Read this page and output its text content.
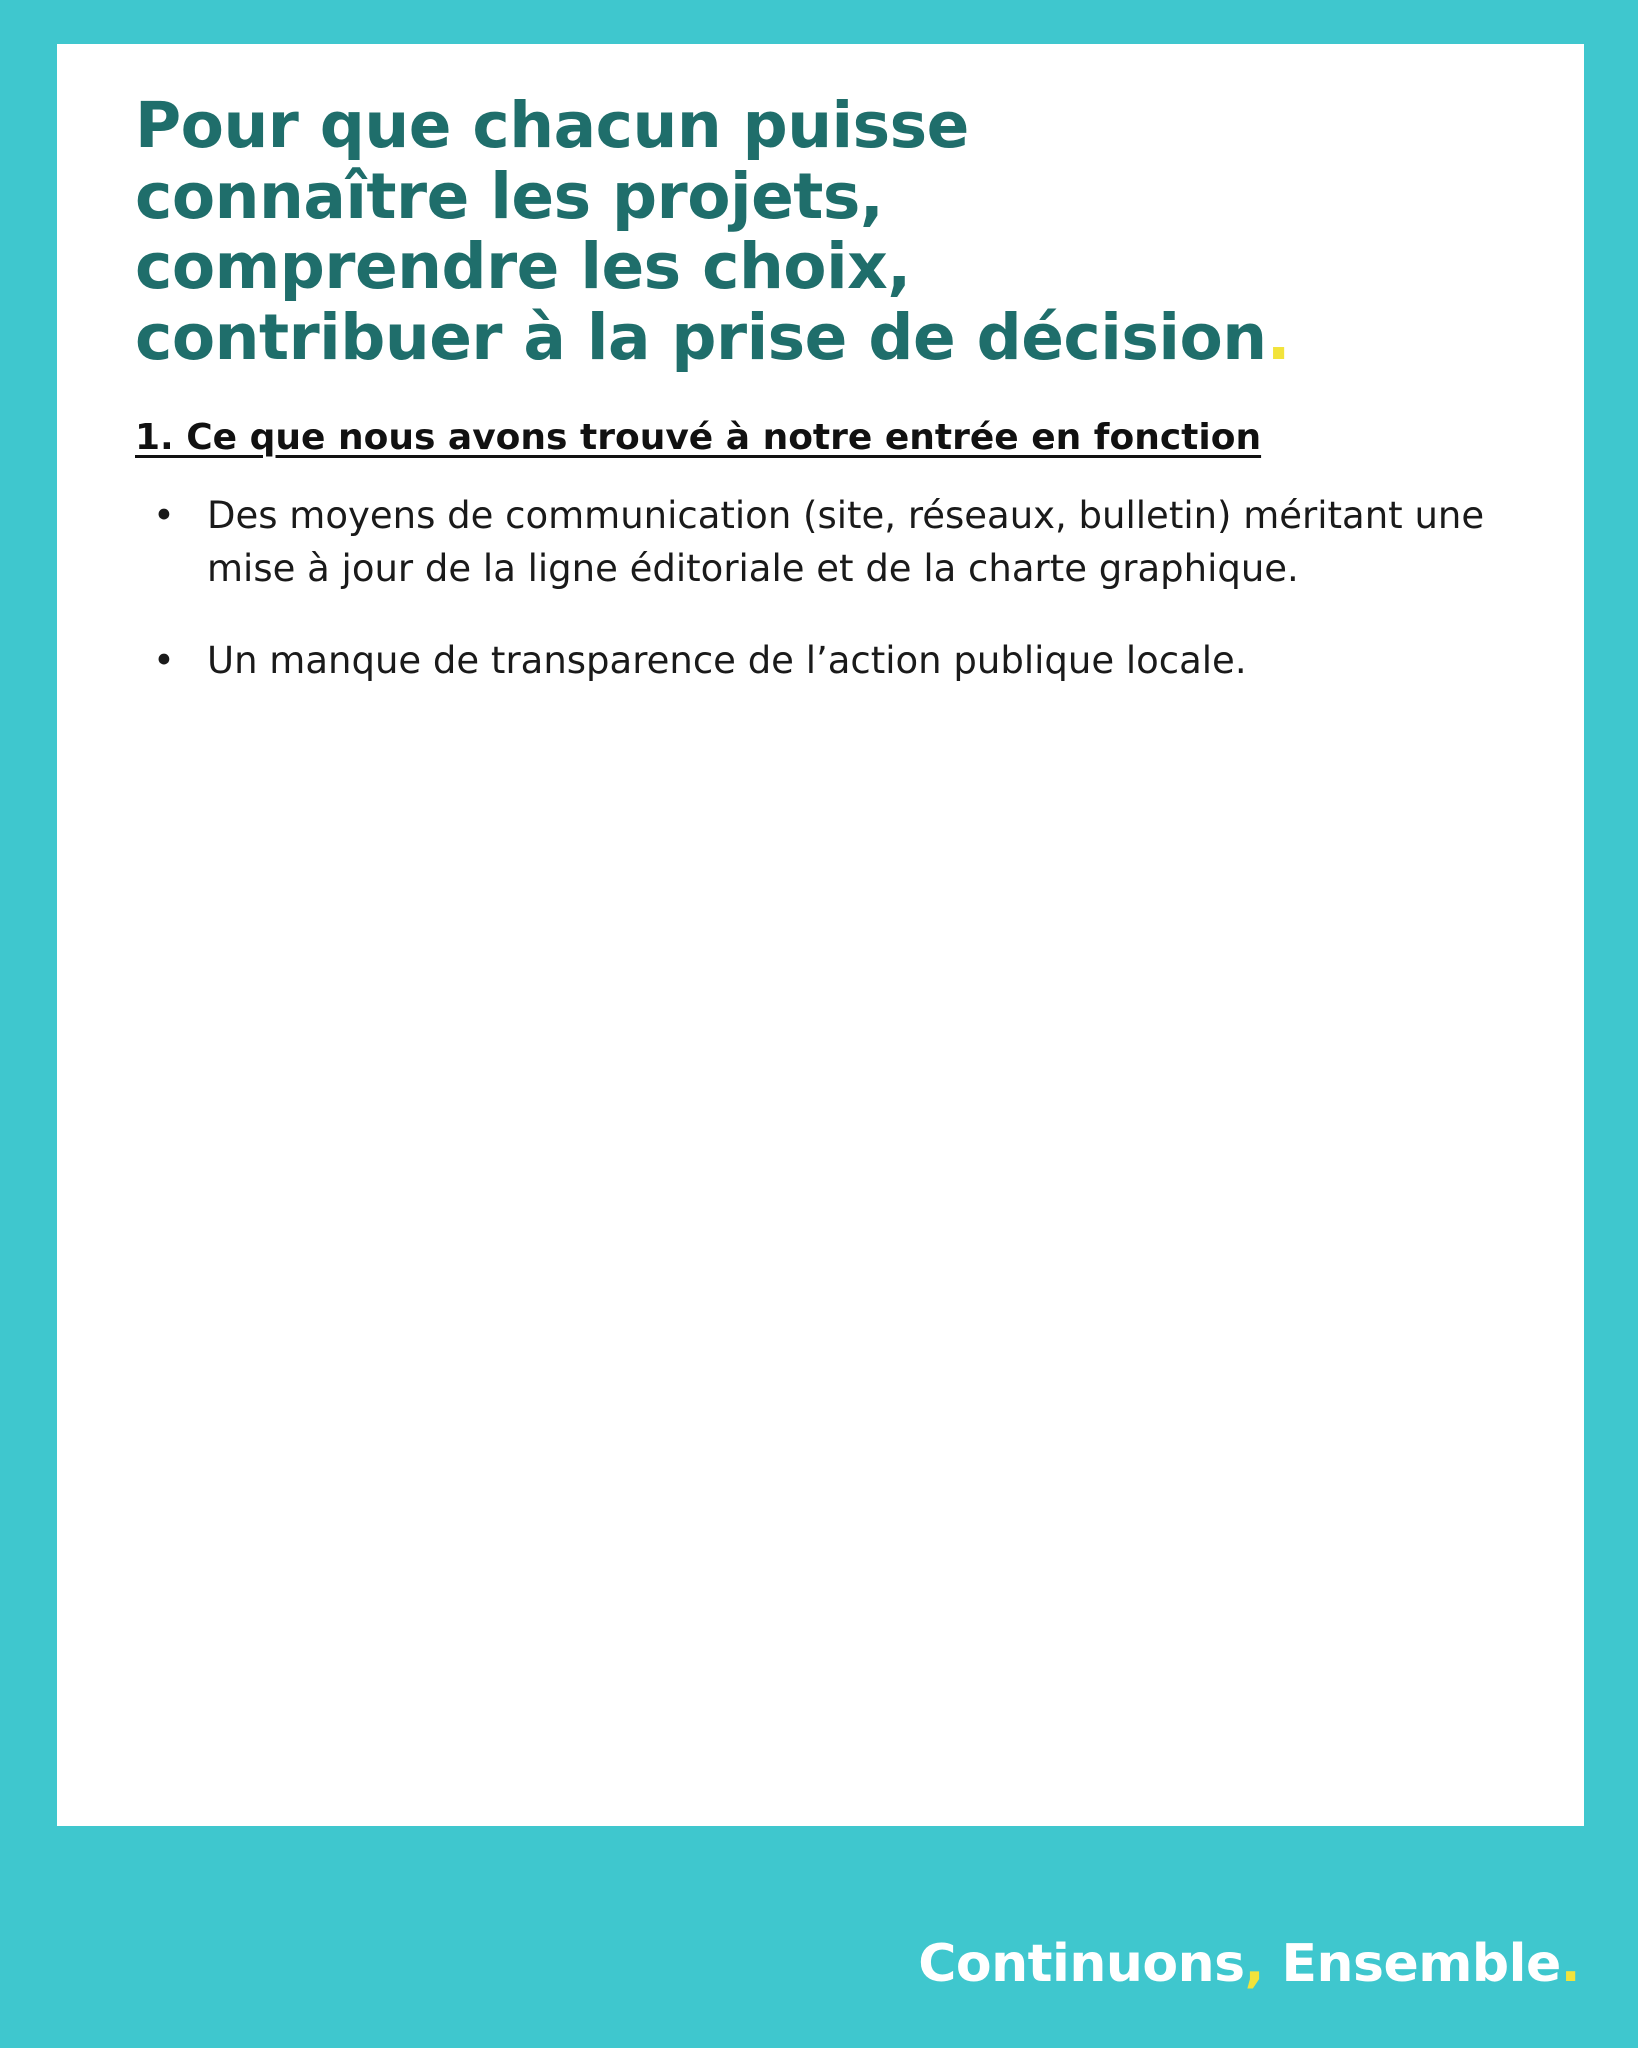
Pour que chacun puisse
connaître les projets,
comprendre les choix,
contribuer à la prise de décision.
1. Ce que nous avons trouvé à notre entrée en fonction
• Des moyens de communication (site, réseaux, bulletin) méritant une mise à jour de la ligne éditoriale et de la charte graphique.
• Un manque de transparence de l’action publique locale.
Continuons, Ensemble.
